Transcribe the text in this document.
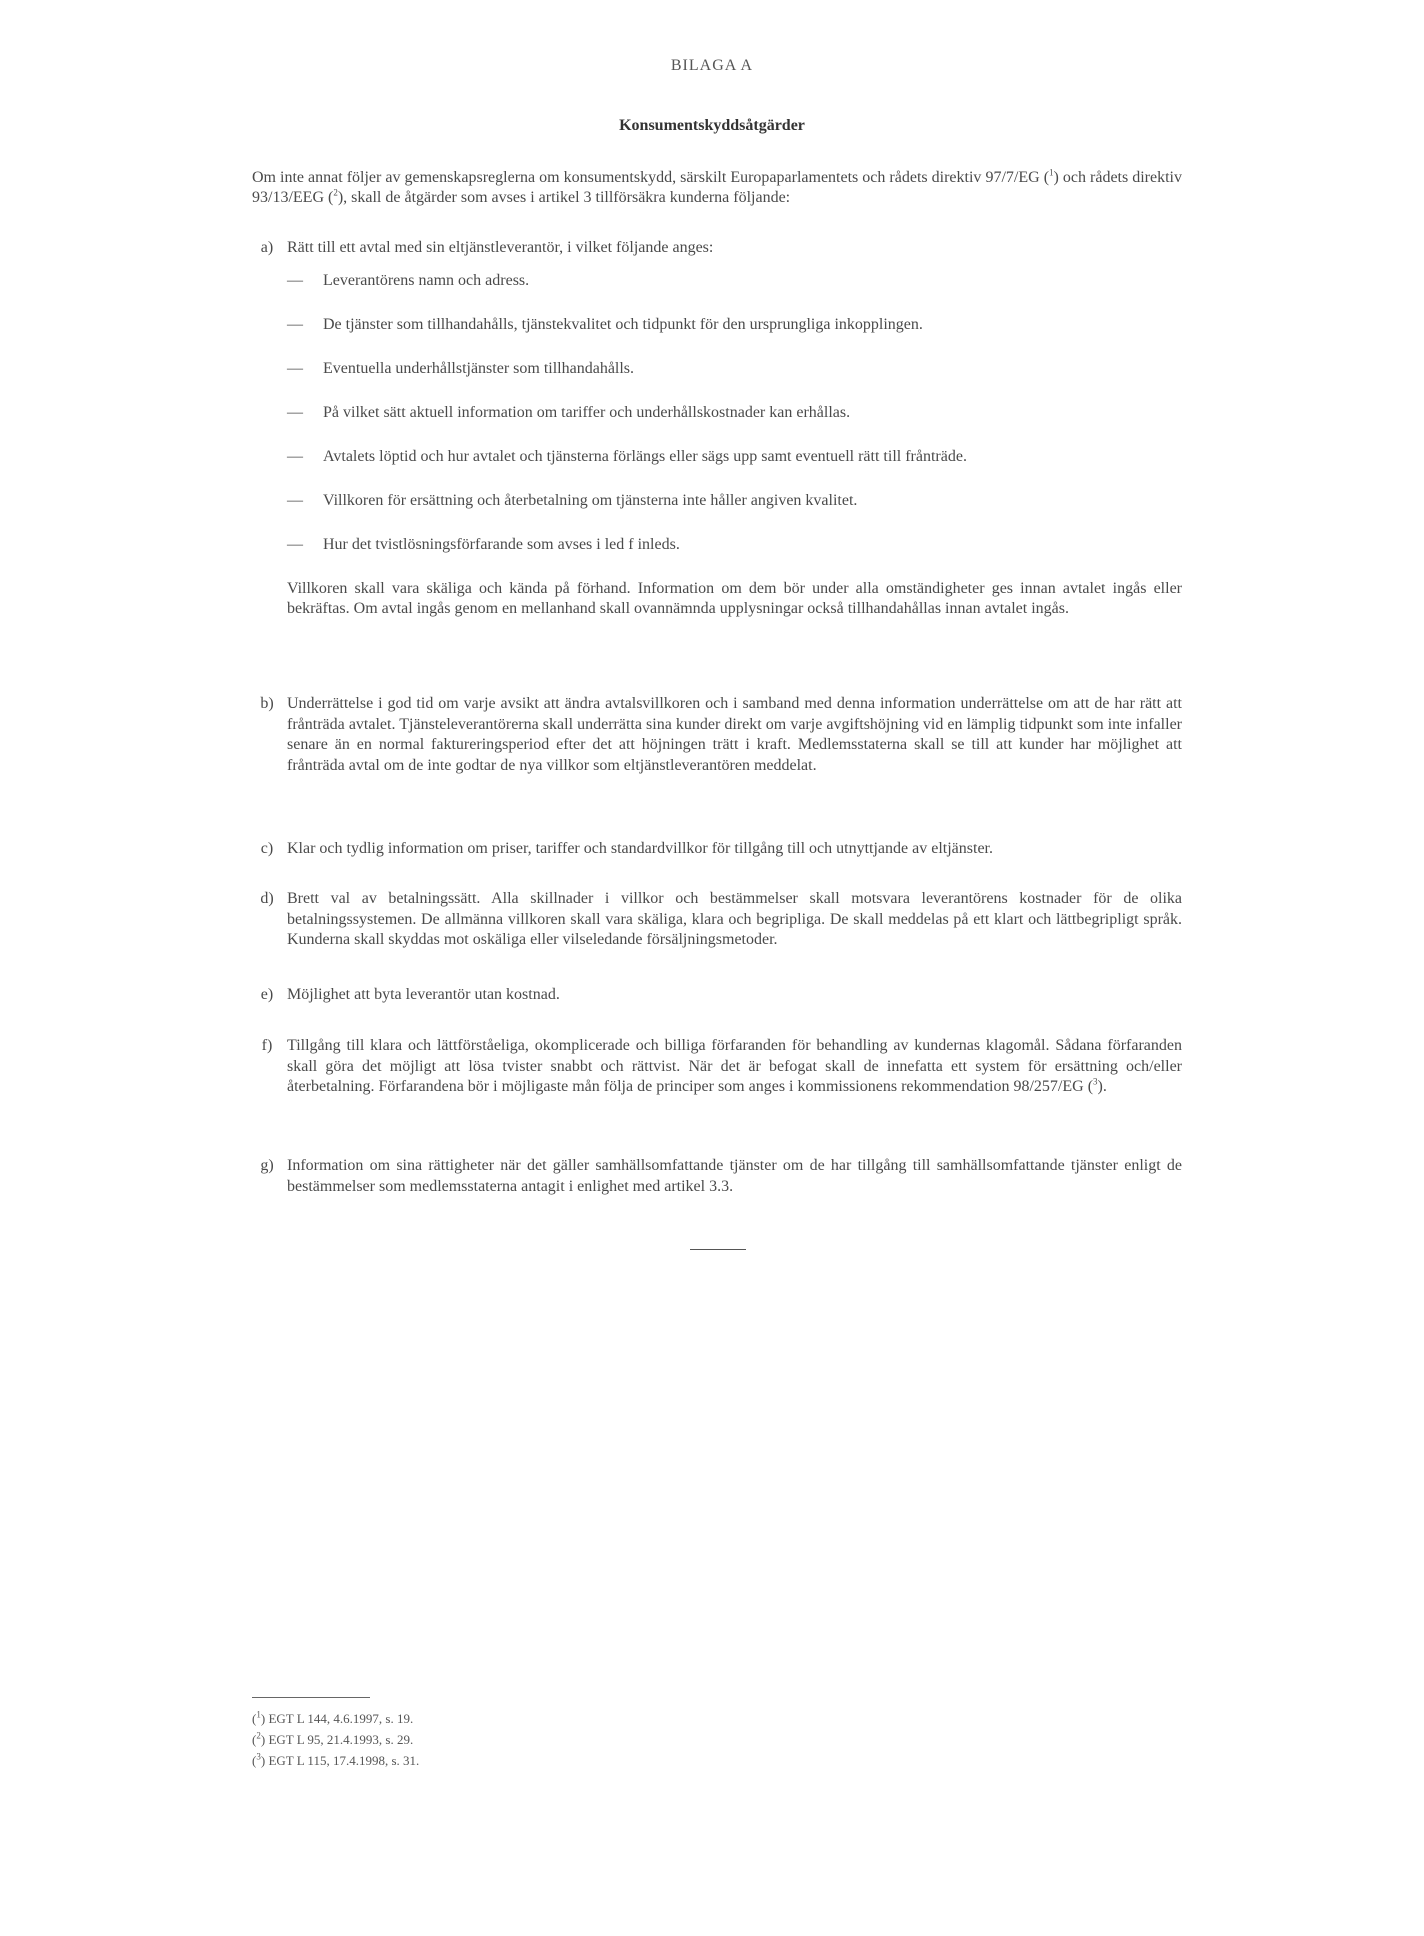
BILAGA A
Konsumentskyddsåtgärder
Om inte annat följer av gemenskapsreglerna om konsumentskydd, särskilt Europaparlamentets och rådets direktiv 97/7/EG ($^1$) och rådets direktiv 93/13/EEG ($^2$), skall de åtgärder som avses i artikel 3 tillförsäkra kunderna följande:
a) Rätt till ett avtal med sin eltjänstleverantör, i vilket följande anges:
— Leverantörens namn och adress.
— De tjänster som tillhandahålls, tjänstekvalitet och tidpunkt för den ursprungliga inkopplingen.
— Eventuella underhållstjänster som tillhandahålls.
— På vilket sätt aktuell information om tariffer och underhållskostnader kan erhållas.
— Avtalets löptid och hur avtalet och tjänsterna förlängs eller sägs upp samt eventuell rätt till frånträde.
— Villkoren för ersättning och återbetalning om tjänsterna inte håller angiven kvalitet.
— Hur det tvistlösningsförfarande som avses i led f inleds.
Villkoren skall vara skäliga och kända på förhand. Information om dem bör under alla omständigheter ges innan avtalet ingås eller bekräftas. Om avtal ingås genom en mellanhand skall ovannämnda upplysningar också tillhandahållas innan avtalet ingås.
b) Underrättelse i god tid om varje avsikt att ändra avtalsvillkoren och i samband med denna information underrättelse om att de har rätt att frånträda avtalet. Tjänsteleverantörerna skall underrätta sina kunder direkt om varje avgiftshöjning vid en lämplig tidpunkt som inte infaller senare än en normal faktureringsperiod efter det att höjningen trätt i kraft. Medlemsstaterna skall se till att kunder har möjlighet att frånträda avtal om de inte godtar de nya villkor som eltjänstleverantören meddelat.
c) Klar och tydlig information om priser, tariffer och standardvillkor för tillgång till och utnyttjande av eltjänster.
d) Brett val av betalningssätt. Alla skillnader i villkor och bestämmelser skall motsvara leverantörens kostnader för de olika betalningssystemen. De allmänna villkoren skall vara skäliga, klara och begripliga. De skall meddelas på ett klart och lättbegripligt språk. Kunderna skall skyddas mot oskäliga eller vilseledande försäljningsmetoder.
e) Möjlighet att byta leverantör utan kostnad.
f) Tillgång till klara och lättförståeliga, okomplicerade och billiga förfaranden för behandling av kundernas klagomål. Sådana förfaranden skall göra det möjligt att lösa tvister snabbt och rättvist. När det är befogat skall de innefatta ett system för ersättning och/eller återbetalning. Förfarandena bör i möjligaste mån följa de principer som anges i kommissionens rekommendation 98/257/EG ($^3$).
g) Information om sina rättigheter när det gäller samhällsomfattande tjänster om de har tillgång till samhällsomfattande tjänster enligt de bestämmelser som medlemsstaterna antagit i enlighet med artikel 3.3.
($^1$) EGT L 144, 4.6.1997, s. 19.
($^2$) EGT L 95, 21.4.1993, s. 29.
($^3$) EGT L 115, 17.4.1998, s. 31.
